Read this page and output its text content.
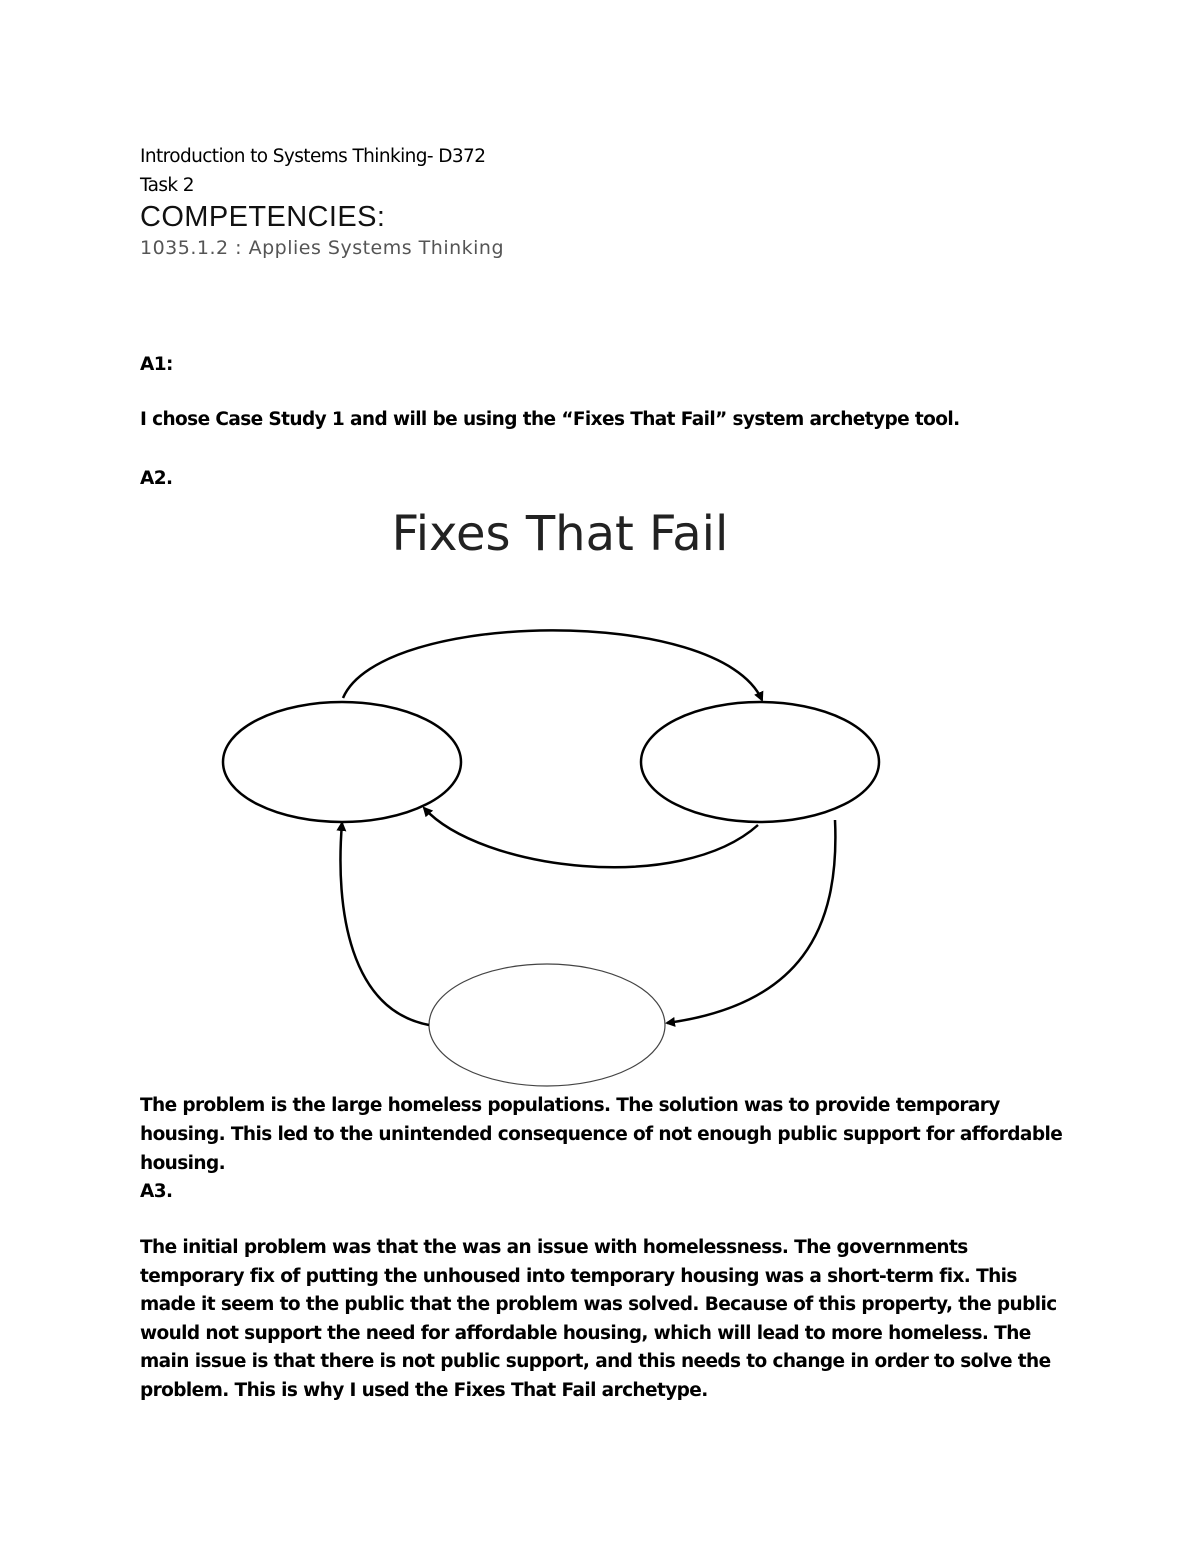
Introduction to Systems Thinking- D372

Task 2

COMPETENCIES:

1035.1.2 : Applies Systems Thinking

A1:

I chose Case Study 1 and will be using the “Fixes That Fail” system archetype tool.

A2.

Fixes That Fail

The problem is the large homeless populations. The solution was to provide temporary housing. This led to the unintended consequence of not enough public support for affordable housing.

A3.

The initial problem was that the was an issue with homelessness. The governments temporary fix of putting the unhoused into temporary housing was a short-term fix. This made it seem to the public that the problem was solved. Because of this property, the public would not support the need for affordable housing, which will lead to more homeless. The main issue is that there is not public support, and this needs to change in order to solve the problem. This is why I used the Fixes That Fail archetype.
